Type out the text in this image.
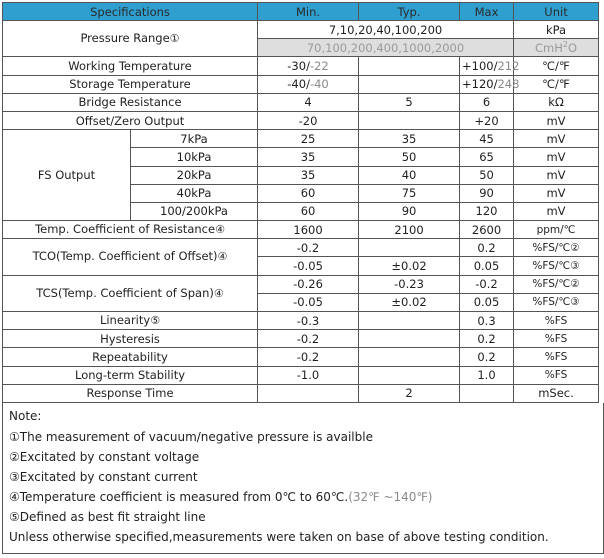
Specifications		Min.	Typ.	Max	Unit
Pressure Range①		7,10,20,40,100,200			kPa
		70,100,200,400,1000,2000			CmH$^2$O
Working Temperature		-30/-22		+100/212	℃/℉
Storage Temperature		-40/-40		+120/248	℃/℉
Bridge Resistance		4	5	6	kΩ
Offset/Zero Output		-20		+20	mV
FS Output	7kPa	25	35	45	mV
	10kPa	35	50	65	mV
	20kPa	35	40	50	mV
	40kPa	60	75	90	mV
	100/200kPa	60	90	120	mV
Temp. Coefficient of Resistance④		1600	2100	2600	ppm/℃
TCO(Temp. Coefficient of Offset)④		-0.2		0.2	%FS/℃②
		-0.05	±0.02	0.05	%FS/℃③
TCS(Temp. Coefficient of Span)④		-0.26	-0.23	-0.2	%FS/℃②
		-0.05	±0.02	0.05	%FS/℃③
Linearity⑤		-0.3		0.3	%FS
Hysteresis		-0.2		0.2	%FS
Repeatability		-0.2		0.2	%FS
Long-term Stability		-1.0		1.0	%FS
Response Time			2		mSec.
Note:
①The measurement of vacuum/negative pressure is availble
②Excitated by constant voltage
③Excitated by constant current
④Temperature coefficient is measured from 0℃ to 60℃.(32℉ ~140℉)
⑤Defined as best fit straight line
Unless otherwise specified,measurements were taken on base of above testing condition.
